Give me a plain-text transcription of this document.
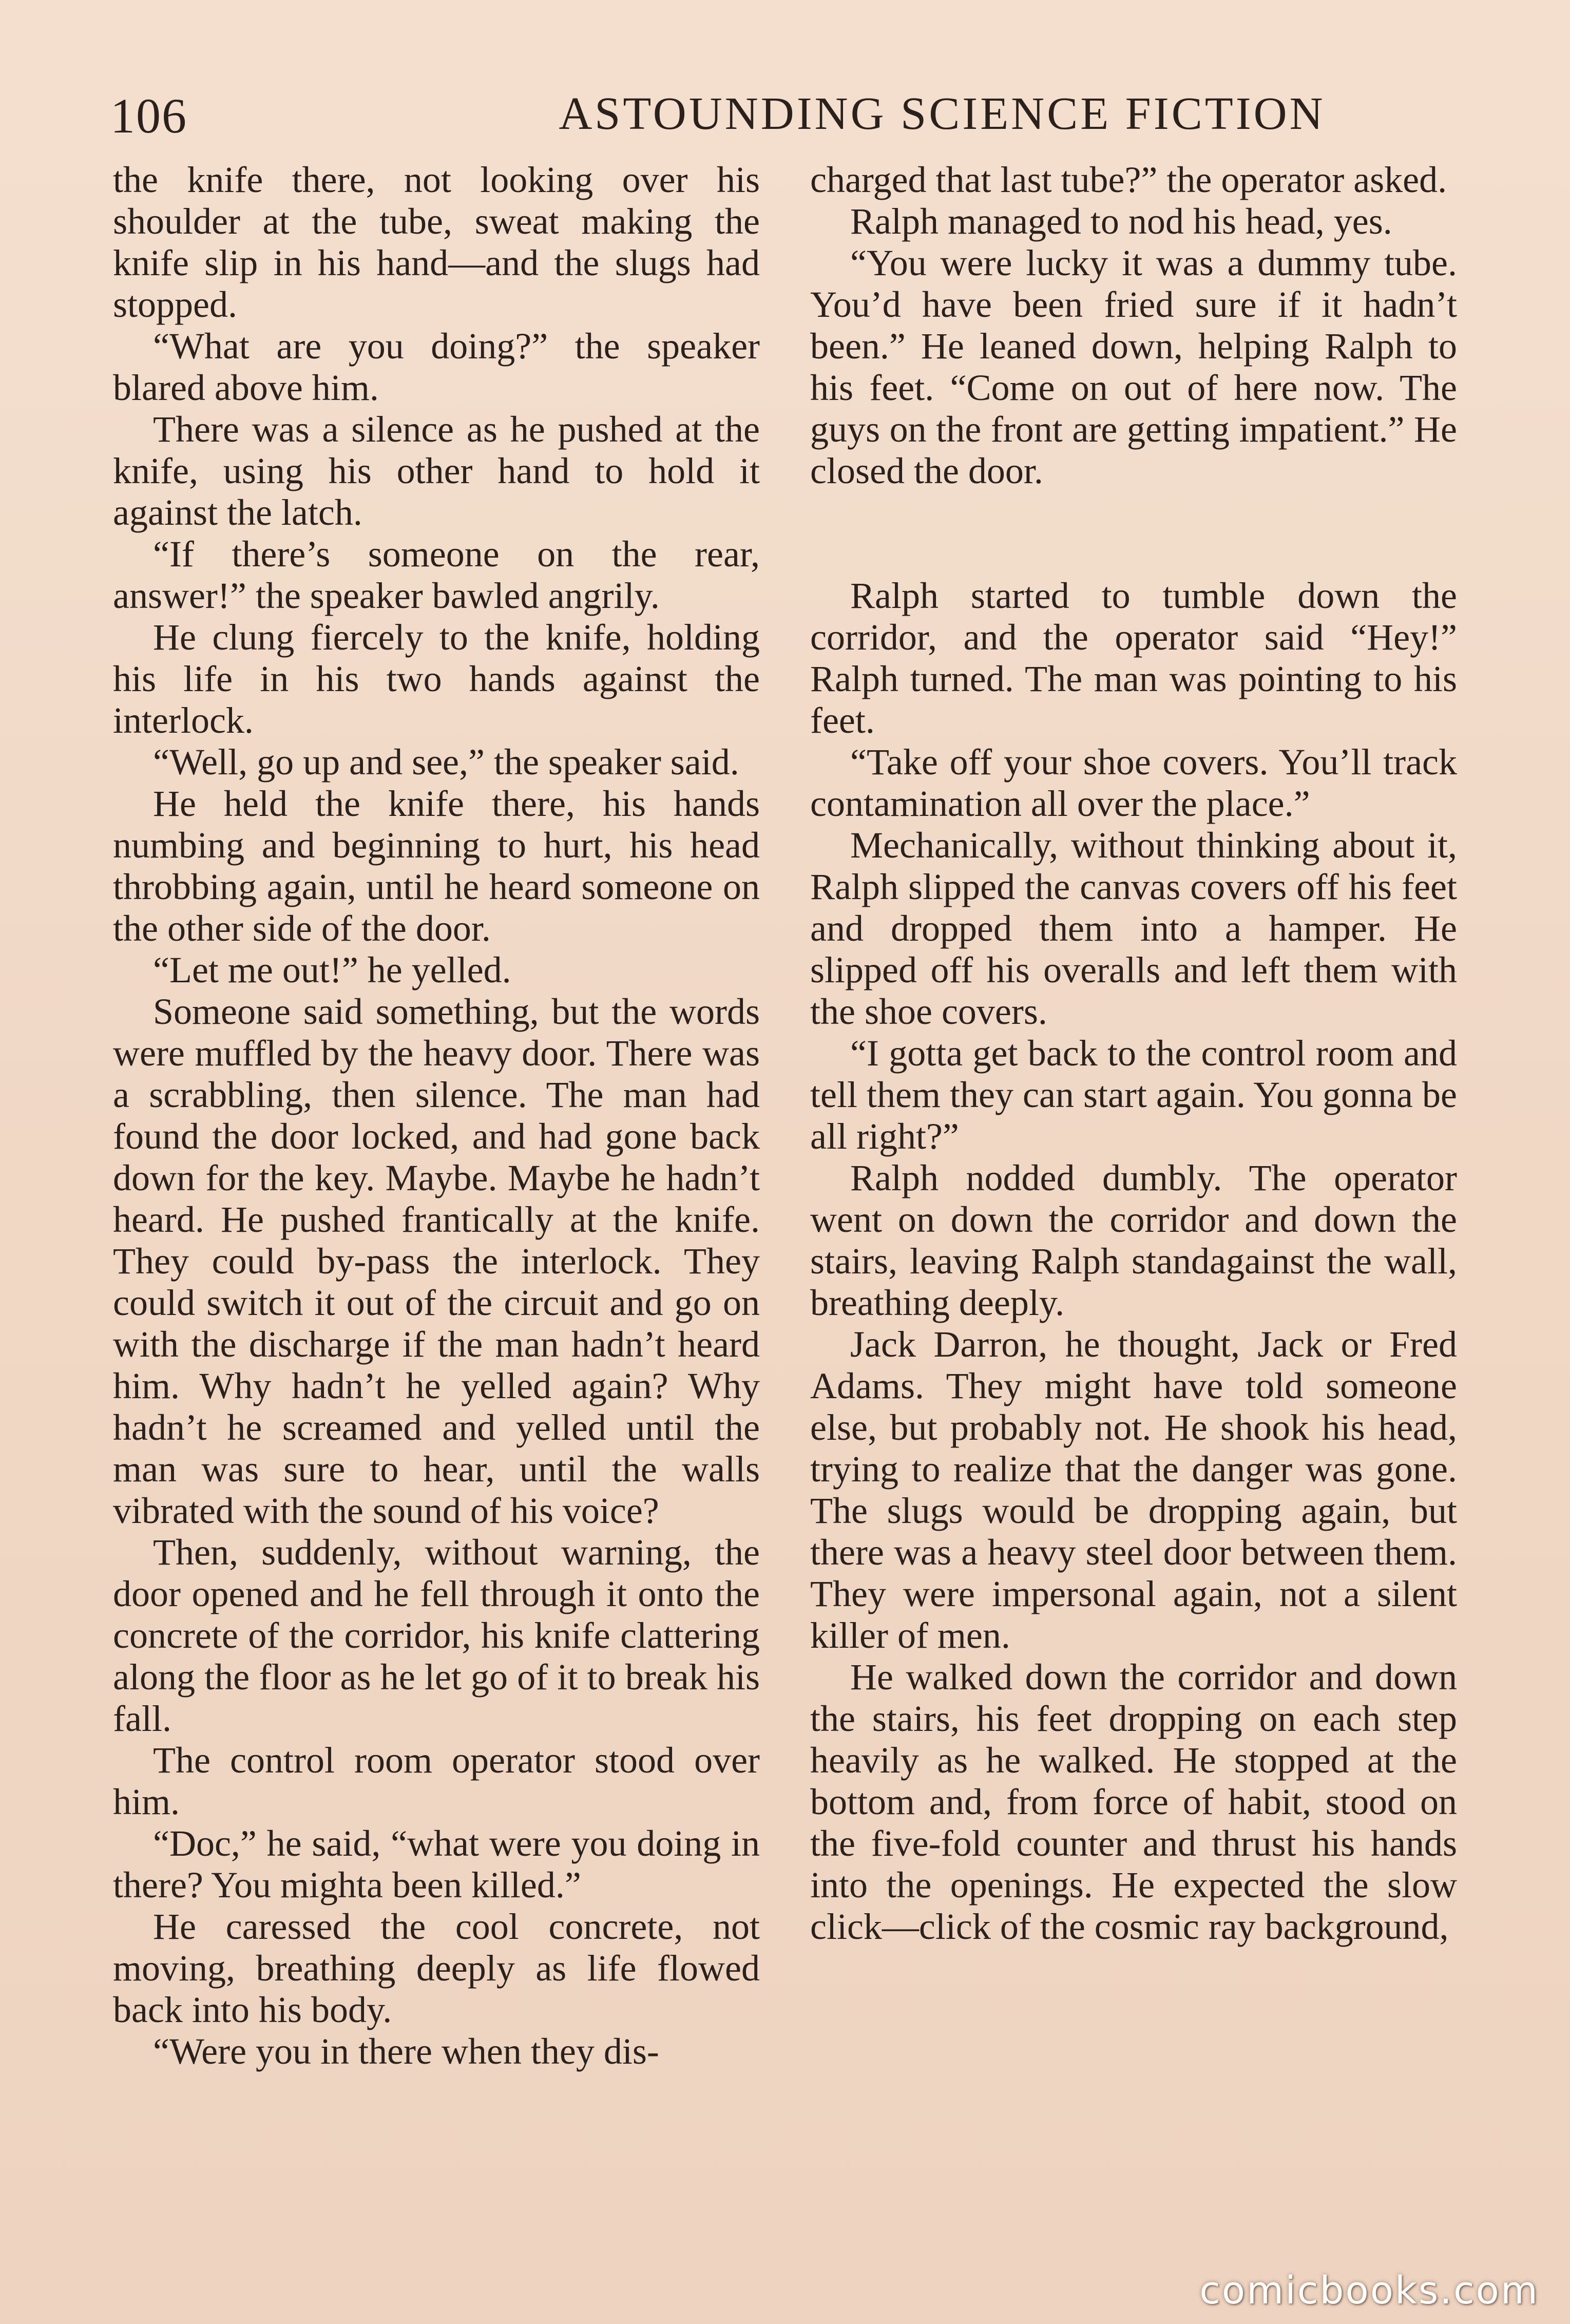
106	ASTOUNDING SCIENCE FICTION

the knife there, not looking over his shoulder at the tube, sweat making the knife slip in his hand—and the slugs had stopped.

“What are you doing?” the speaker blared above him.

There was a silence as he pushed at the knife, using his other hand to hold it against the latch.

“If there’s someone on the rear, answer!” the speaker bawled angrily.

He clung fiercely to the knife, holding his life in his two hands against the interlock.

“Well, go up and see,” the speaker said.

He held the knife there, his hands numbing and beginning to hurt, his head throbbing again, until he heard someone on the other side of the door.

“Let me out!” he yelled.

Someone said something, but the words were muffled by the heavy door. There was a scrabbling, then silence. The man had found the door locked, and had gone back down for the key. Maybe. Maybe he hadn’t heard. He pushed frantically at the knife. They could by-pass the interlock. They could switch it out of the circuit and go on with the discharge if the man hadn’t heard him. Why hadn’t he yelled again? Why hadn’t he screamed and yelled until the man was sure to hear, until the walls vibrated with the sound of his voice?

Then, suddenly, without warning, the door opened and he fell through it onto the concrete of the corridor, his knife clattering along the floor as he let go of it to break his fall.

The control room operator stood over him.

“Doc,” he said, “what were you doing in there? You mighta been killed.”

He caressed the cool concrete, not moving, breathing deeply as life flowed back into his body.

“Were you in there when they dis-

charged that last tube?” the operator asked.

Ralph managed to nod his head, yes.

“You were lucky it was a dummy tube. You’d have been fried sure if it hadn’t been.” He leaned down, helping Ralph to his feet. “Come on out of here now. The guys on the front are getting impatient.” He closed the door.

Ralph started to tumble down the corridor, and the operator said “Hey!” Ralph turned. The man was pointing to his feet.

“Take off your shoe covers. You’ll track contamination all over the place.”

Mechanically, without thinking about it, Ralph slipped the canvas covers off his feet and dropped them into a hamper. He slipped off his overalls and left them with the shoe covers.

“I gotta get back to the control room and tell them they can start again. You gonna be all right?”

Ralph nodded dumbly. The operator went on down the corridor and down the stairs, leaving Ralph standagainst the wall, breathing deeply.

Jack Darron, he thought, Jack or Fred Adams. They might have told someone else, but probably not. He shook his head, trying to realize that the danger was gone. The slugs would be dropping again, but there was a heavy steel door between them. They were impersonal again, not a silent killer of men.

He walked down the corridor and down the stairs, his feet dropping on each step heavily as he walked. He stopped at the bottom and, from force of habit, stood on the five-fold counter and thrust his hands into the openings. He expected the slow click—click of the cosmic ray background,

comicbooks.com
